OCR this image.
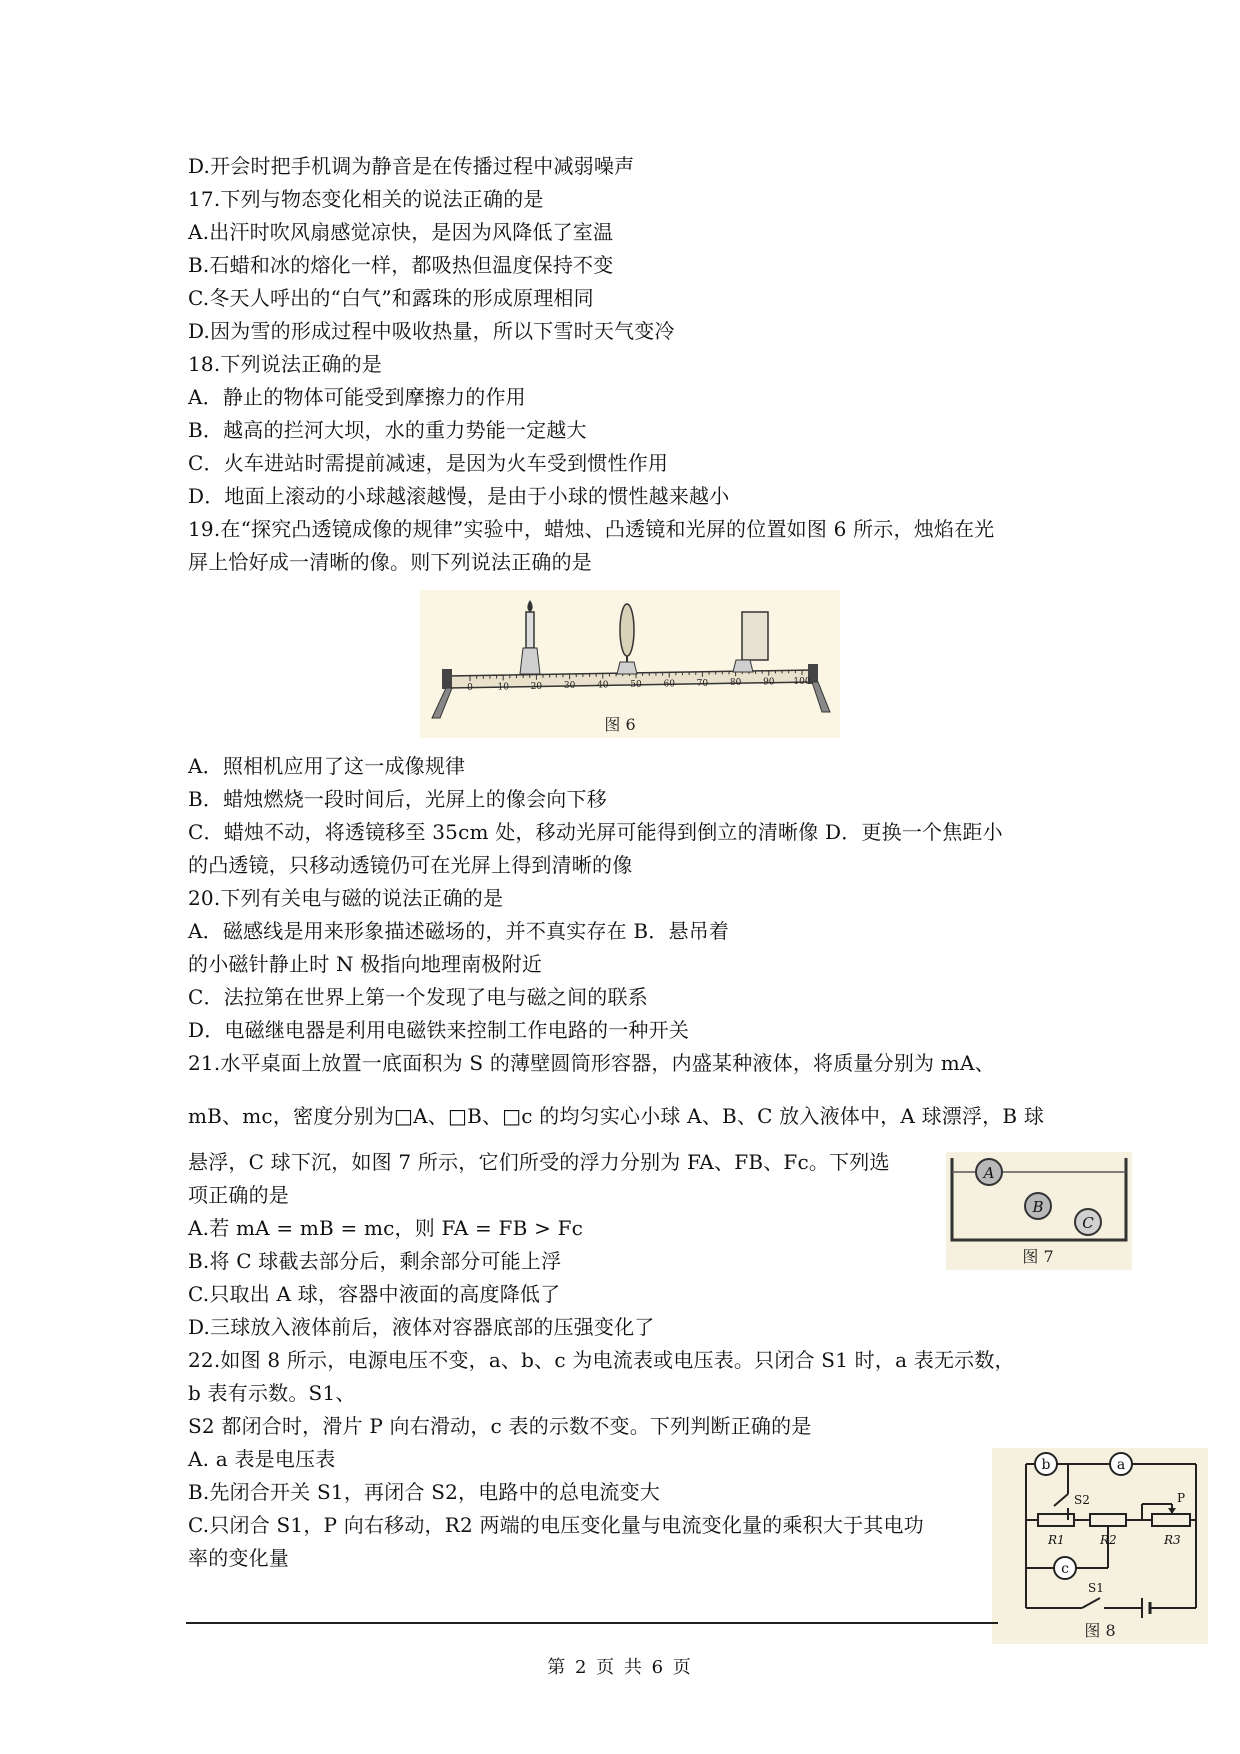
D.开会时把手机调为静音是在传播过程中减弱噪声
17.下列与物态变化相关的说法正确的是
A.出汗时吹风扇感觉凉快，是因为风降低了室温
B.石蜡和冰的熔化一样，都吸热但温度保持不变
C.冬天人呼出的“白气”和露珠的形成原理相同
D.因为雪的形成过程中吸收热量，所以下雪时天气变冷
18.下列说法正确的是
A．静止的物体可能受到摩擦力的作用
B．越高的拦河大坝，水的重力势能一定越大
C．火车进站时需提前减速，是因为火车受到惯性作用
D．地面上滚动的小球越滚越慢，是由于小球的惯性越来越小
19.在“探究凸透镜成像的规律”实验中，蜡烛、凸透镜和光屏的位置如图 6 所示，烛焰在光
屏上恰好成一清晰的像。则下列说法正确的是
0	10 20 30 40 50 60 70 80 90 100
图 6
A．照相机应用了这一成像规律
B．蜡烛燃烧一段时间后，光屏上的像会向下移
C．蜡烛不动，将透镜移至 35cm 处，移动光屏可能得到倒立的清晰像 D．更换一个焦距小
的凸透镜，只移动透镜仍可在光屏上得到清晰的像
20.下列有关电与磁的说法正确的是
A．磁感线是用来形象描述磁场的，并不真实存在 B．悬吊着
的小磁针静止时 N 极指向地理南极附近
C．法拉第在世界上第一个发现了电与磁之间的联系
D．电磁继电器是利用电磁铁来控制工作电路的一种开关
21.水平桌面上放置一底面积为 S 的薄壁圆筒形容器，内盛某种液体，将质量分别为 mA、
mB、mc，密度分别为□A、□B、□c 的均匀实心小球 A、B、C 放入液体中，A 球漂浮，B 球
悬浮，C 球下沉，如图 7 所示，它们所受的浮力分别为 FA、FB、Fc。下列选
项正确的是
A
B
C
图 7
A.若 mA = mB = mc，则 FA = FB > Fc
B.将 C 球截去部分后，剩余部分可能上浮
C.只取出 A 球，容器中液面的高度降低了
D.三球放入液体前后，液体对容器底部的压强变化了
22.如图 8 所示，电源电压不变，a、b、c 为电流表或电压表。只闭合 S1 时，a 表无示数，
b 表有示数。S1、
S2 都闭合时，滑片 P 向右滑动，c 表的示数不变。下列判断正确的是
A. a 表是电压表
B.先闭合开关 S1，再闭合 S2，电路中的总电流变大
C.只闭合 S1，P 向右移动，R2 两端的电压变化量与电流变化量的乘积大于其电功
率的变化量
b	a
c
S2
R1	R2	R3
P
S1
图 8
第 2 页 共 6 页
